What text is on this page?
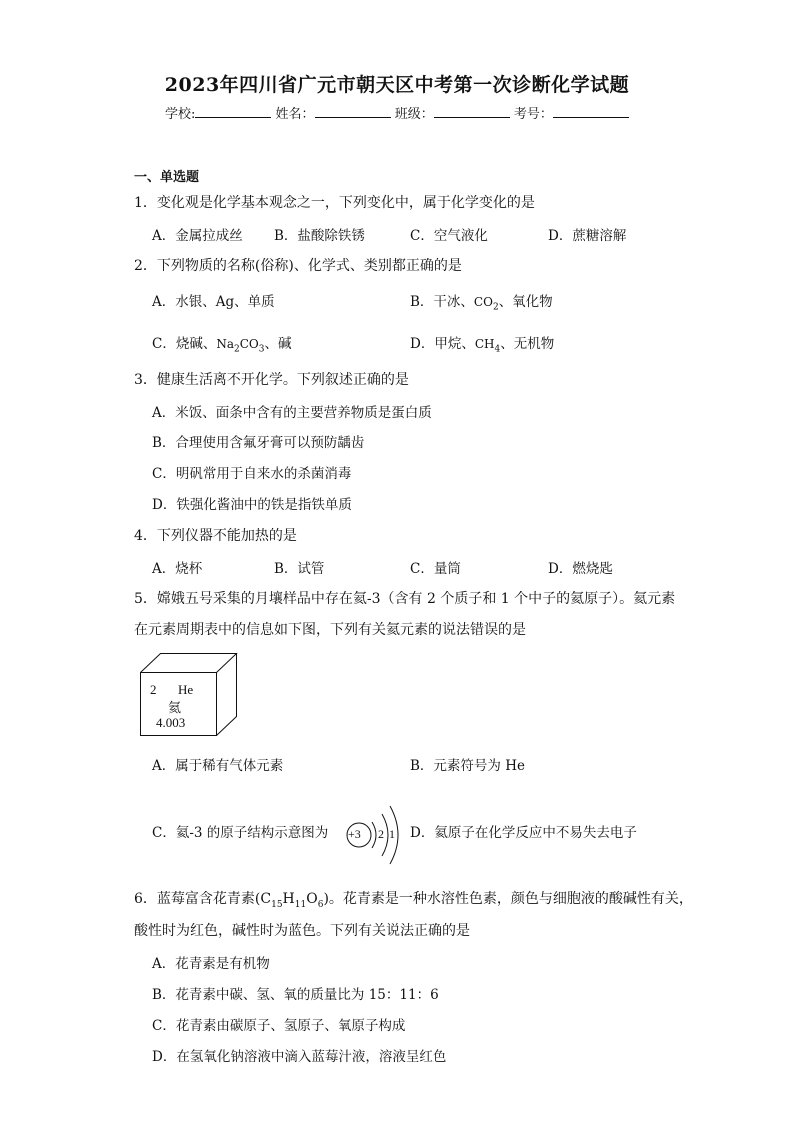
2023年四川省广元市朝天区中考第一次诊断化学试题
学校:	姓名：	班级：	考号：
一、单选题
1．变化观是化学基本观念之一，下列变化中，属于化学变化的是
A．金属拉成丝 B．盐酸除铁锈	C．空气液化	D．蔗糖溶解
2．下列物质的名称(俗称)、化学式、类别都正确的是
A．水银、Ag、单质	B．干冰、$CO_2$、氧化物
C．烧碱、$Na_2CO_3$、碱	D．甲烷、$CH_4$、无机物
3．健康生活离不开化学。下列叙述正确的是
A．米饭、面条中含有的主要营养物质是蛋白质
B．合理使用含氟牙膏可以预防龋齿
C．明矾常用于自来水的杀菌消毒
D．铁强化酱油中的铁是指铁单质
4．下列仪器不能加热的是
A．烧杯	B．试管	C．量筒	D．燃烧匙
5．嫦娥五号采集的月壤样品中存在氦-3（含有 2 个质子和 1 个中子的氦原子）。氦元素
在元素周期表中的信息如下图，下列有关氦元素的说法错误的是
2 He
氦
4.003
A．属于稀有气体元素	B．元素符号为 He
C．氦-3 的原子结构示意图为 +3 2 1 D．氦原子在化学反应中不易失去电子
6．蓝莓富含花青素$(C_{15}H_{11}O_6)$。花青素是一种水溶性色素，颜色与细胞液的酸碱性有关，
酸性时为红色，碱性时为蓝色。下列有关说法正确的是
A．花青素是有机物
B．花青素中碳、氢、氧的质量比为 15：11：6
C．花青素由碳原子、氢原子、氧原子构成
D．在氢氧化钠溶液中滴入蓝莓汁液，溶液呈红色
